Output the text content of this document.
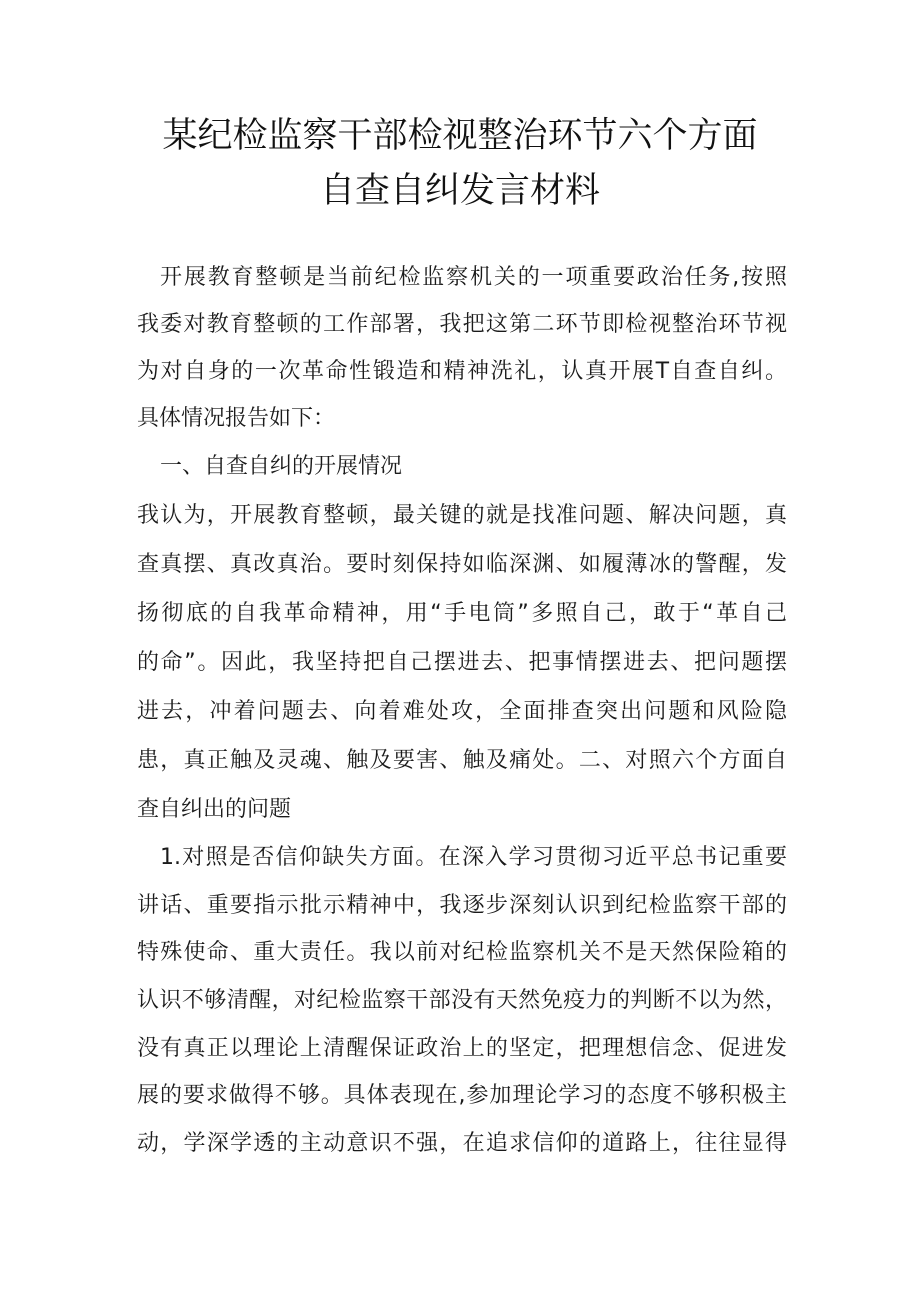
某纪检监察干部检视整治环节六个方面
自查自纠发言材料
开展教育整顿是当前纪检监察机关的一项重要政治任务,按照
我委对教育整顿的工作部署，我把这第二环节即检视整治环节视
为对自身的一次革命性锻造和精神洗礼，认真开展T自查自纠。
具体情况报告如下：
一、自查自纠的开展情况
我认为，开展教育整顿，最关键的就是找准问题、解决问题，真
查真摆、真改真治。要时刻保持如临深渊、如履薄冰的警醒，发
扬彻底的自我革命精神，用“手电筒”多照自己，敢于“革自己
的命”。因此，我坚持把自己摆进去、把事情摆进去、把问题摆
进去，冲着问题去、向着难处攻，全面排查突出问题和风险隐
患，真正触及灵魂、触及要害、触及痛处。二、对照六个方面自
查自纠出的问题
1.对照是否信仰缺失方面。在深入学习贯彻习近平总书记重要
讲话、重要指示批示精神中，我逐步深刻认识到纪检监察干部的
特殊使命、重大责任。我以前对纪检监察机关不是天然保险箱的
认识不够清醒，对纪检监察干部没有天然免疫力的判断不以为然，
没有真正以理论上清醒保证政治上的坚定，把理想信念、促进发
展的要求做得不够。具体表现在,参加理论学习的态度不够积极主
动，学深学透的主动意识不强，在追求信仰的道路上，往往显得
